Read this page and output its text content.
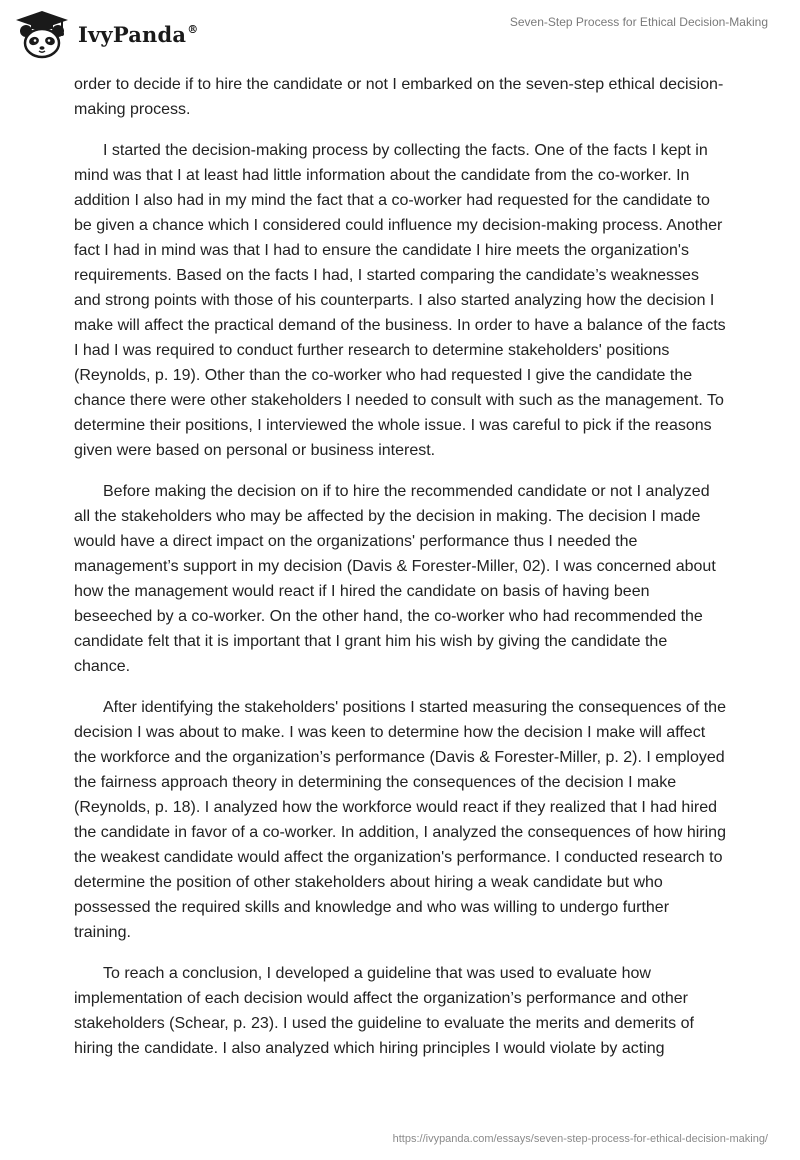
IvyPanda®	Seven-Step Process for Ethical Decision-Making

order to decide if to hire the candidate or not I embarked on the seven-step ethical decision-making process.

I started the decision-making process by collecting the facts. One of the facts I kept in mind was that I at least had little information about the candidate from the co-worker. In addition I also had in my mind the fact that a co-worker had requested for the candidate to be given a chance which I considered could influence my decision-making process. Another fact I had in mind was that I had to ensure the candidate I hire meets the organization's requirements. Based on the facts I had, I started comparing the candidate’s weaknesses and strong points with those of his counterparts. I also started analyzing how the decision I make will affect the practical demand of the business. In order to have a balance of the facts I had I was required to conduct further research to determine stakeholders' positions (Reynolds, p. 19). Other than the co-worker who had requested I give the candidate the chance there were other stakeholders I needed to consult with such as the management. To determine their positions, I interviewed the whole issue. I was careful to pick if the reasons given were based on personal or business interest.

Before making the decision on if to hire the recommended candidate or not I analyzed all the stakeholders who may be affected by the decision in making. The decision I made would have a direct impact on the organizations' performance thus I needed the management’s support in my decision (Davis & Forester-Miller, 02). I was concerned about how the management would react if I hired the candidate on basis of having been beseeched by a co-worker. On the other hand, the co-worker who had recommended the candidate felt that it is important that I grant him his wish by giving the candidate the chance.

After identifying the stakeholders' positions I started measuring the consequences of the decision I was about to make. I was keen to determine how the decision I make will affect the workforce and the organization’s performance (Davis & Forester-Miller, p. 2). I employed the fairness approach theory in determining the consequences of the decision I make (Reynolds, p. 18). I analyzed how the workforce would react if they realized that I had hired the candidate in favor of a co-worker. In addition, I analyzed the consequences of how hiring the weakest candidate would affect the organization's performance. I conducted research to determine the position of other stakeholders about hiring a weak candidate but who possessed the required skills and knowledge and who was willing to undergo further training.

To reach a conclusion, I developed a guideline that was used to evaluate how implementation of each decision would affect the organization’s performance and other stakeholders (Schear, p. 23). I used the guideline to evaluate the merits and demerits of hiring the candidate. I also analyzed which hiring principles I would violate by acting

https://ivypanda.com/essays/seven-step-process-for-ethical-decision-making/
